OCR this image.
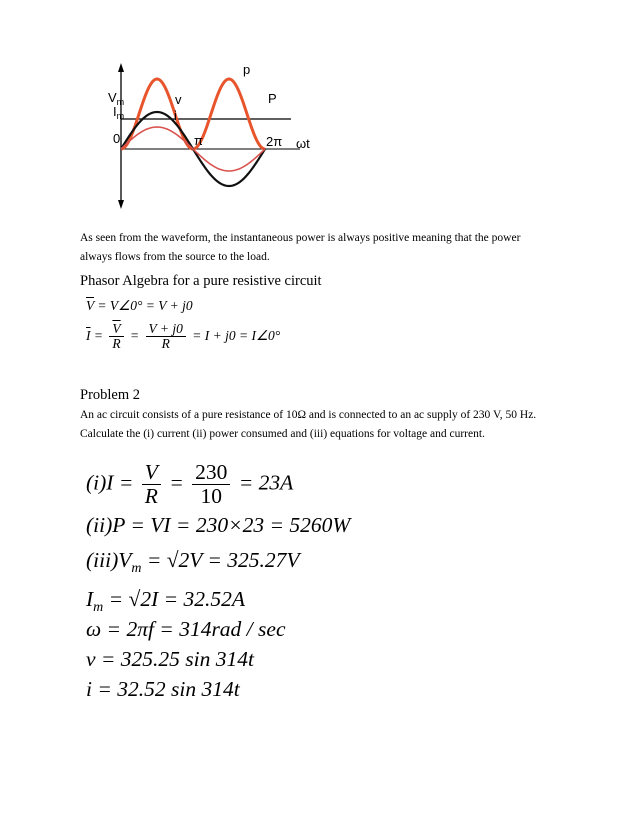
p
P
$V_m$
$I_m$
v
i
0	π	2π ωt
As seen from the waveform, the instantaneous power is always positive meaning that the power
always flows from the source to the load.
Phasor Algebra for a pure resistive circuit
$\overline{V}$ = V∠0° = V + j0
$\overline{I} = \frac{\overline{V}}{R} = \frac{V + j0}{R} = I + j0$ = I∠0°
Problem 2
An ac circuit consists of a pure resistance of 10Ω and is connected to an ac supply of 230 V, 50 Hz.
Calculate the (i) current (ii) power consumed and (iii) equations for voltage and current.
$(i)I = \frac{V}{R} = \frac{230}{10} = 23A$
(ii)P = VI = 230×23 = 5260W
$(iii)V_m = √2V = 325.27V$
$I_m = √2I = 32.52A$
ω = 2πf = 314rad / sec
v = 325.25 sin 314t
i = 32.52 sin 314t
